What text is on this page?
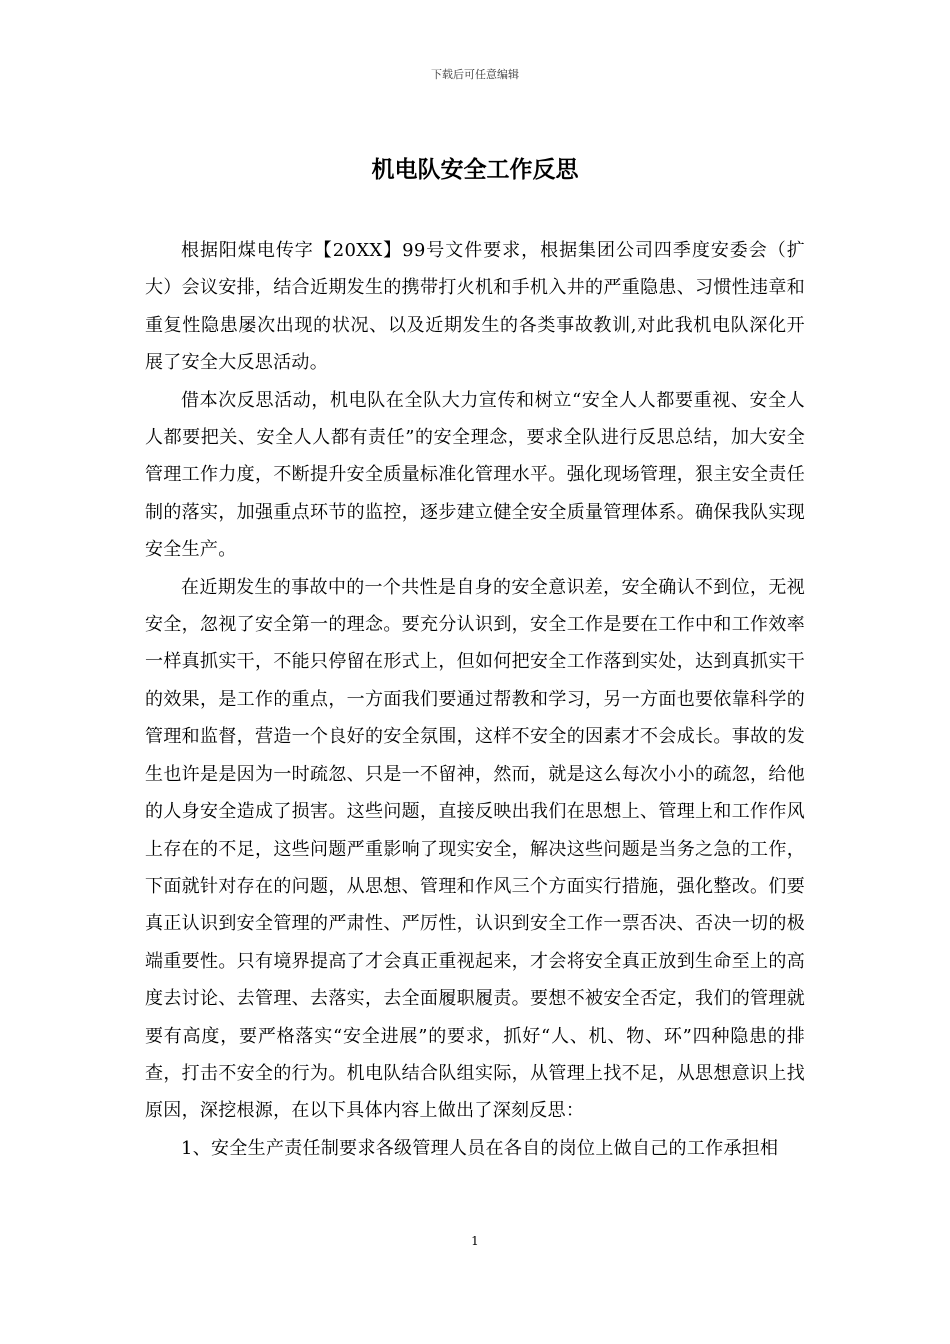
下载后可任意编辑
机电队安全工作反思

根据阳煤电传字【20XX】99号文件要求，根据集团公司四季度安委会（扩大）会议安排，结合近期发生的携带打火机和手机入井的严重隐患、习惯性违章和重复性隐患屡次出现的状况、以及近期发生的各类事故教训,对此我机电队深化开展了安全大反思活动。

借本次反思活动，机电队在全队大力宣传和树立“安全人人都要重视、安全人人都要把关、安全人人都有责任”的安全理念，要求全队进行反思总结，加大安全管理工作力度，不断提升安全质量标准化管理水平。强化现场管理，狠主安全责任制的落实，加强重点环节的监控，逐步建立健全安全质量管理体系。确保我队实现安全生产。

在近期发生的事故中的一个共性是自身的安全意识差，安全确认不到位，无视安全，忽视了安全第一的理念。要充分认识到，安全工作是要在工作中和工作效率一样真抓实干，不能只停留在形式上，但如何把安全工作落到实处，达到真抓实干的效果，是工作的重点，一方面我们要通过帮教和学习，另一方面也要依靠科学的管理和监督，营造一个良好的安全氛围，这样不安全的因素才不会成长。事故的发生也许是是因为一时疏忽、只是一不留神，然而，就是这么每次小小的疏忽，给他的人身安全造成了损害。这些问题，直接反映出我们在思想上、管理上和工作作风上存在的不足，这些问题严重影响了现实安全，解决这些问题是当务之急的工作，下面就针对存在的问题，从思想、管理和作风三个方面实行措施，强化整改。们要真正认识到安全管理的严肃性、严厉性，认识到安全工作一票否决、否决一切的极端重要性。只有境界提高了才会真正重视起来，才会将安全真正放到生命至上的高度去讨论、去管理、去落实，去全面履职履责。要想不被安全否定，我们的管理就要有高度，要严格落实“安全进展”的要求，抓好“人、机、物、环”四种隐患的排查，打击不安全的行为。机电队结合队组实际，从管理上找不足，从思想意识上找原因，深挖根源，在以下具体内容上做出了深刻反思：

1、安全生产责任制要求各级管理人员在各自的岗位上做自己的工作承担相

1
